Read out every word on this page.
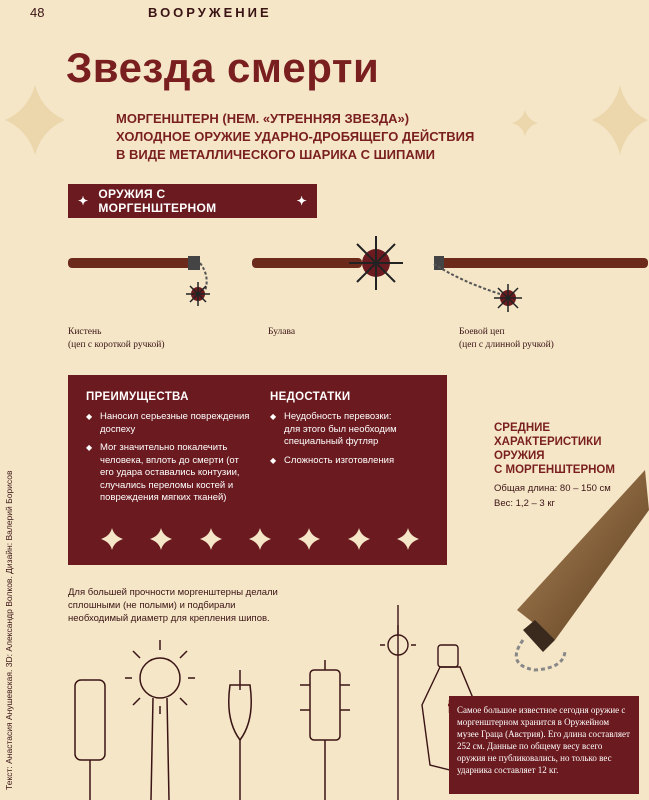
48	ВООРУЖЕНИЕ
Звезда смерти
МОРГЕНШТЕРН (НЕМ. «УТРЕННЯЯ ЗВЕЗДА»)
ХОЛОДНОЕ ОРУЖИЕ УДАРНО-ДРОБЯЩЕГО ДЕЙСТВИЯ
В ВИДЕ МЕТАЛЛИЧЕСКОГО ШАРИКА С ШИПАМИ
✦ ОРУЖИЯ С МОРГЕНШТЕРНОМ	✦
Кистень
(цеп с короткой ручкой)
Булава	Боевой цеп
(цеп с длинной ручкой)
ПРЕИМУЩЕСТВА
◆ Наносил серьезные повреждения доспеху
◆ Мог значительно покалечить человека, вплоть до смерти (от его удара оставались контузии, случались переломы костей и повреждения мягких тканей)
НЕДОСТАТКИ
◆ Неудобность перевозки: для этого был необходим специальный футляр
◆ Сложность изготовления
СРЕДНИЕ
ХАРАКТЕРИСТИКИ
ОРУЖИЯ
С МОРГЕНШТЕРНОМ
Общая длина: 80 – 150 см
Вес: 1,2 – 3 кг
Для большей прочности моргенштерны делали сплошными (не полыми) и подбирали необходимый диаметр для крепления шипов.
Самое большое известное сегодня оружие с моргенштерном хранится в Оружейном музее Граца (Австрия). Его длина составляет 252 см. Данные по общему весу всего оружия не публиковались, но только вес ударника составляет 12 кг.
Текст: Анастасия Анушевская. 3D: Александр Волков. Дизайн: Валерий Борисов
